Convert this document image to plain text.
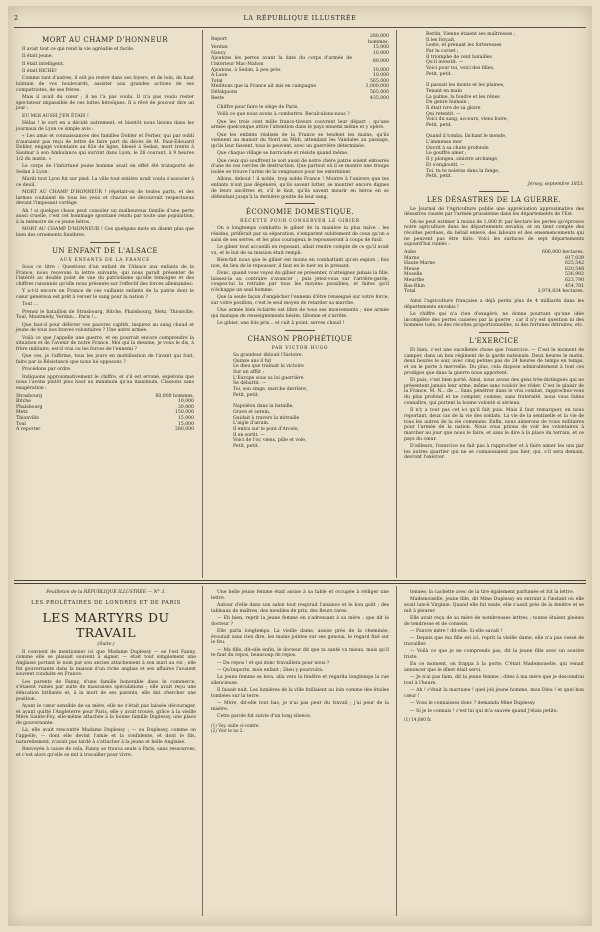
2	LA RÉPUBLIQUE ILLUSTRÉE
MORT AU CHAMP D'HONNEUR

Il avait tout ce qui rend la vie agréable et facile.

Il était jeune,

Il était intelligent,

Il était RICHE!

Comme tant d'autres, il eût pu rester dans ses foyers, et de loin, du haut lointain de vos boulevards, assister aux grandes actions de ses compatriotes, de ses frères.

Mais il avait du cœur ; il ne l'a pas voulu. Il n'a pas voulu rester spectateur impassible de ces luttes héroïques. Il a rêvé de pouvoir dire un jour :

EU MOI AUSSI J'EN ÉTAIS !

Hélas ! le sort en a décidé autrement, et bientôt nous lisions dans les journaux de Lyon ce simple avis :

« Les amis et connaissances des familles Dobler et Ferber, qui par oubli n'auraient pas reçu de lettre de faire part du décès de M. Paul-Édouard Dobler, engagé volontaire au 82e de ligne, blessé à Sedan, mort trente à Saumur à son Ambulance qui survint dans Lyon, le 26 courant, à 9 heures 1/2 du matin. »

Le corps de l'infortuné jeune homme avait en effet été transporté de Sedan à Lyon.

Mardi tout Lyon fut sur pied. La ville tout entière avait voulu s'associer à ce deuil.

MORT AU CHAMP D'HONNEUR ! répétait-on de toutes parts, et des larmes coulaient de tous les yeux et chacun se découvrait respectueux devant l'imposant cortège.

Ah ! si quelque chose peut consoler un malheureux famille d'une perte aussi cruelle, c'est cet hommage spontané rendu par toute une population, à la mémoire de ce jeune héros.

MORT AU CHAMP D'HONNEUR ! Ces quelques mots en disent plus que bien des ornements funèbres.

UN ENFANT DE L'ALSACE
AUX ENFANTS DE LA FRANCE

Sous ce titre : Questions d'un enfant de l'Alsace aux enfants de la France, nous recevons la lettre suivante, qui nous paraît présenter de l'intérêt au double point de vue du patriotisme qu'elle témoigne et des chiffres raisonnés qu'elle nous présente sur l'effectif des forces allemandes:

Y a-t-il encore en France de ces vaillants enfants de la patrie dont le cœur généreux est prêt à verser le sang pour la nation ?

Tout ...

Prenez le bataillon de Strasbourg, Bitche, Phalsbourg, Metz, Thionville, Toul, Montmédy, Verdun... Paris !...

Que faut-il pour délivrer ces pauvres captifs, inspirez au sang chaud et jeune de tous nos braves volontaires ? Une autre armée.

Voilà ce que j'appelle une guerre, et en pourrait encore comprendre la situation et de l'avenir de notre France. Moi qui la dessine, je vous le dis, à frère militaire, est-il vrai ou les forces de l'ennemi ?

Que ces, je l'affirme, tous les jours en mobilisation de l'avant qui font, faire par la Résistance que nous lui opposons ?

Procédons par ordre.

Indiquons approximativement le chiffre, et s'il est erroné, espérons que nous l'avons plutôt plus haut au minimum qu'au maximum. Classons sans exagération :

Strasbourg	60,000 hommes.
Bitche	10,000
Phalsbourg	30,000
Metz	150,000
Thionville	15,000
Toul	15,000
A reporter	280,000
Report	280,000 hommes.
Verdun	15,000
Nancy	10,000
Ajoutons les pertes avant la date du corps d'armée de l'intérieur Mac-Mahon	80,000
Ajoutons, à Sedan, à peu près	10,000
A Laon	10,000
Total	565,000
Méditons que la France ait mis en campagne	1,000,000
Défalquons	565,000
Reste	435,000

Chiffre pour faire le siège de Paris.

Voilà ce que nous avons à combattre. Recalculons-nous ?

Que les trois cent mille francs-tireurs couvrent leur départ ; qu'une armée quelconque attire l'attention dans le pays ennemi même et y opère.

Que les enfants réalisés de la France se tendent les mains, qu'ils viennent au manoir du Nord au Midi, attendant les Vandales au passage, qu'ils leur fassent, tous le peuvent, avec un guerrière déterminée.

Que chaque village se barricade et résiste quand même.

Que ceux qui souffrent le soit aussi de notre chère patrie soient entourés d'une de ces cercles de destruction. Que partout où il se montre une troupe isolée se trouve l'arme de la vengeance pour les exterminer.

Allons, debout ! il noble, trop noble France ! Montre à l'univers que tes enfants n'ont pas dégénéré, qu'ils savent lutter, se montrer encore dignes de leurs ancêtres et, s'il le faut, qu'ils savent mourir en héros en se défendant jusqu'à la dernière goutte de leur sang.

ÉCONOMIE DOMESTIQUE.
RECETTE POUR CONSERVER LE GIBIER

On a longtemps combattu le gibier de la manière la plus naïve : les résidus, préférait par sa séparation, s'emparent subitement de ceux qu'on a saisi de ses serres, et les plus courageux le repousseront à coups de fusil.

Le gibier tout accueilli en reposant, allait rendre compte de ce qu'il avait vu, et le but de sa mission était rempli.

Bien-fait nous que le gibier est moins en combattant qu'en espion ; fois non, du lieu de le repousser, il faut en le tuer en le prenant.

Donc, quand vous voyez du gibier se présenter, n'atteignez jamais la fille, laissez-la au contraire s'avancer ; puis jetez-vous sur l'arrière-garde, coupez-lui la retraite par tous les moyens possibles, et faites qu'il n'échappe un seul homme.

Que la seule façon d'empêcher l'ennemi d'être renseigné sur votre force, sur votre position, c'est le seul moyen de retarder sa marche.

Une armée bien éclairée est libre de tous ses mouvements ; une armée qui manque de renseignements hésite, tâtonne et s'arrête.

Le gibier, une fois pris... et cuit à point, serves chaud !

CHANSON PROPHÉTIQUE
PAR VICTOR HUGO
Sa grandeur éblouit l'histoire.
Quinze ans il fut
Le dieu que traînait la victoire
Sur un affût ;
L'Europe sous sa loi guerrière
Se débattit. —
Toi, son singe, marche derrière,
Petit, petit.
Napoléon dans la bataille,
Grave et serein,
Guidait à travers la mitraille
L'aigle d'airain.
Il entra sur le pont d'Arcole,
Il en sortit. —
Voici de l'or, viens, pille et vole,
Petit, petit.
Berlin, Vienne étaient ses maîtresses ;
Il les forçait,
Leste, et prenant les forteresses
Par le corset ;
Il triomphe de cent batailles
Qu'il investit. —
Voici pour toi, voici des filles,
Petit, petit.
Il passait les monts et les plaines,
Tenant en main
La palme, la foudre et les rênes
Du genre humain ;
Il était ivre de sa gloire
Qui retentit. —
Voici du sang, accours, viens boire,
Petit, petit.
Quand il tomba, lâchant le monde,
L'immense mer
Ouvrit à sa chute profonde
Le gouffre amer ;
Il y plongea, sinistre archange,
Et s'engloutit. —
Toi, tu te noieras dans la fange,
Petit, petit.
Jersey, septembre 1853.
LES DÉSASTRES DE LA GUERRE.

Le Journal de l'Agriculture publie une appréciation approximative des désastres causés par l'armée prussienne dans les départements de l'Est.

On ne peut estimer à moins de 1,000 fr. par hectare les pertes qu'éprouve notre agriculture dans les départements envahis, et on tient compte des récoltes perdues, du bétail enlevé, des labours et des ensemencements qui ne peuvent pas être faits. Voici les surfaces de sept départements aujourd'hui ruinés :

Aube	606,000 hectares.
Marne	817,039
Haute-Marne	625,542
Meuse	620,548
Moselle	536,992
Meurthe	623,790
Bas-Rhin	454,781
Total	3,974,834 hectares.

Ainsi l'agriculture française a déjà perdu plus de 4 milliards dans les départements envahis !

Le chiffre qui n'a rien d'exagéré, ne donne pourtant qu'une idée incomplète des pertes causées par la guerre ; car il n'y est question ni des hommes tués, ni des récoltes proportionnelles, ni des fortunes détruites, etc.

L'EXERCICE

Et bien, c'est une excellente chose que l'exercice. — C'est le moment de camper, dans un bon régiment de la garde nationale. Deux heures le matin, deux heures le soir, avec cinq petites pas de 24 heures de temps en temps, et on le porte à merveille. Du plus, cela dispose admirablement à tout ces prodiges que dans la guerre nous apportent.

Et puis, c'est bien porté. Ainsi, nous avons des gens très-distingués qui ne présentent jamais leur arme, même sans vouloir les rôder. C'est le plaisir de la France. M. N... de ... Sans pénétrer dans le vrai combat, rapprochez-vous du plus profond et ne compter, comme, sans fraternité, nous vous faites connaître, qui portent la bonne volonté si sérieux.

Il n'y a tout pas cet ici qu'il fait puis. Mais il faut remarquer, en nous reportant, deux cas de la vie des soldats. La vie de la sentinelle et la vie de tous les autres de la vie commune. Enfin, nous aimerons de vrais militaires pour l'armée de la nation. Nous vous prions de voir les volontaires à marcher au jour que nous le faire, et sans le dire à la place du terrain, et ce pays du cœur.

D'ailleurs, l'exercice ne fait pas à rapprocher et à faire aimer les uns par les autres quartier qui ne se connaissaient pas hier, qui, s'il sera demain, devront l'exercer.

Feuilleton de la RÉPUBLIQUE ILLUSTRÉE — N° 3.
LES PROLÉTAIRES DE LONDRES ET DE PARIS
LES MARTYRS DU TRAVAIL
(Suite.)

Il convient de mentionner ici que Madame Duplessy — se l'est Fanny, comme elle se plaisait souvent à signer, — était tout simplement une Anglaise portant le nom par son ancien attachement à son mari au roi ; elle fut gouvernante dans la maison d'un riche anglais et ses affaires l'avaient souvent conduite en France.

Les parents de Fanny, d'une famille honorable dans le commerce, s'étaient ruinés par suite de mauvaises spéculations ; elle avait reçu une éducation brillante et, à la mort de ses parents, elle dut chercher une position.

Ayant le cœur sensible de sa mère, elle ne s'était pas laissée décourager, et ayant quitté l'Angleterre pour Paris, elle y avait trouvé, grâce à la vieille Mère Sainte-Foy, elle-même attachée à la bonne famille Duplessy, une place de gouvernante.

Là, elle avait rencontré Madame Duplessy ; — ou Duplessy, comme on l'appelle, — dont elle devint l'amie et la confidente, et dont le fils, naturellement, n'avait pas tardé à s'attacher à la jeune et belle Anglaise.

Renvoyée à cause de cela, Fanny se trouva seule à Paris, sans ressources, et c'est alors qu'elle se mit à travailler pour vivre.

Une belle jeune femme était assise à sa table et occupée à rédiger une lettre.

Autour d'elle dans son salon tout respirait l'aisance et le bon goût ; des tableaux de maîtres, des meubles de prix, des fleurs rares.

— Eh bien, reprit la jeune femme en s'adressant à sa mère : que dit le docteur ?

Elle parla longtemps. La vieille dame, assise près de la cheminée, écoutait sans rien dire, les mains jointes sur ses genoux, le regard fixé sur le feu.

— Ma fille, dit-elle enfin, le docteur dit que ta santé va mieux, mais qu'il te faut du repos, beaucoup de repos.

— Du repos ! et qui donc travaillera pour nous ?

— Qu'importe, mon enfant ; Dieu y pourvoira.

La jeune femme se leva, alla vers la fenêtre et regarda longtemps la rue silencieuse.

Il faisait nuit. Les lumières de la ville brillaient au loin comme des étoiles tombées sur la terre.

— Mère, dit-elle tout bas, je n'ai pas peur du travail ; j'ai peur de la misère.

Cette parole fut suivie d'un long silence.

(1) Voy. suite ci-contre.
(2) Voir le no 2.

tenuée, la cachette avec de la tire également parfumée et fut la lettre.

Mademoiselle, jeune fille, dit Mme Duplessy en entrant à l'instant où elle avait lancé Virginie. Quand elle fut seule, elle s'assit près de la fenêtre et se mit à pleurer.

Elle avait reçu de sa mère de nombreuses lettres ; toutes étaient pleines de tendresse et de conseils.

— Pauvre mère ! dit-elle. Si elle savait !

— Depuis que ma fille est ici, reprit la vieille dame, elle n'a pas cessé de travailler.

— Voilà ce que je ne comprends pas, dit la jeune fille avec un sourire triste.

En ce moment, on frappa à la porte. C'était Mademoiselle, qui venait annoncer que le dîner était servi.

— Je n'ai pas faim, dit la jeune femme ; dites à ma mère que je descendrai tout à l'heure.

— Ah ! c'était la marraine ! quel joli jeune homme, mon Dieu ! et quel bon cœur !

— Vous le connaissez donc ? demanda Mme Duplessy.

— Si je le connais ! c'est lui qui m'a sauvée quand j'étais petite.

(1) 14,000 fr.
